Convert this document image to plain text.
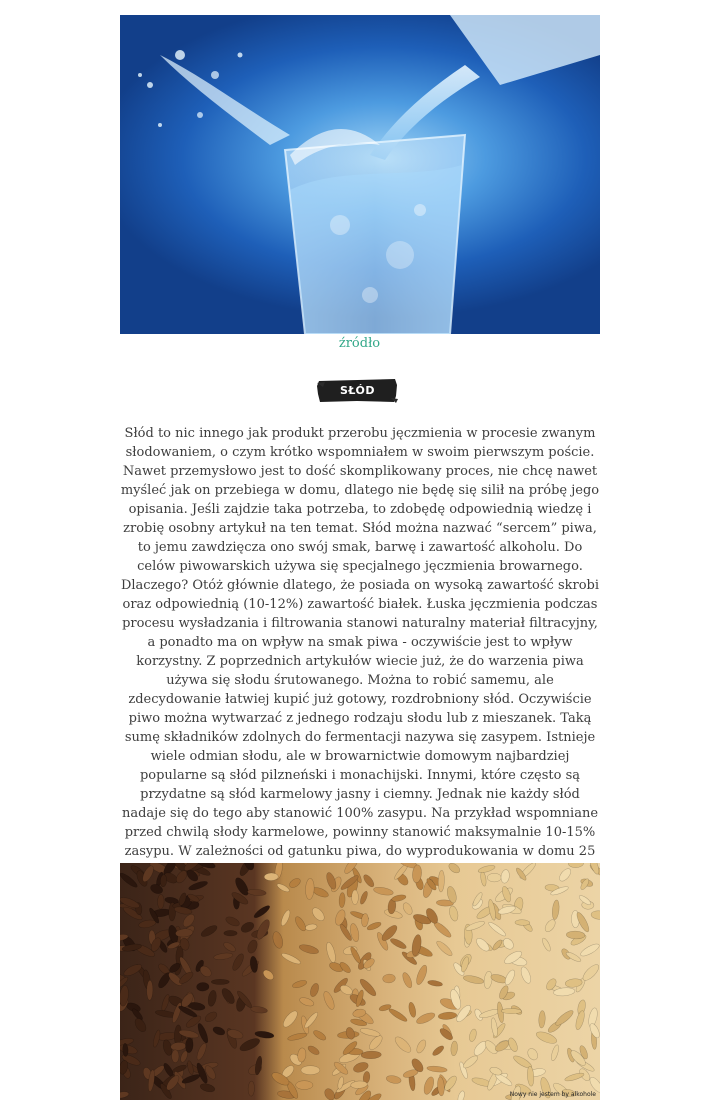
źródło
SŁÓD

Słód to nic innego jak produkt przerobu jęczmienia w procesie zwanym słodowaniem, o czym krótko wspomniałem w swoim pierwszym poście. Nawet przemysłowo jest to dość skomplikowany proces, nie chcę nawet myśleć jak on przebiega w domu, dlatego nie będę się silił na próbę jego opisania. Jeśli zajdzie taka potrzeba, to zdobędę odpowiednią wiedzę i zrobię osobny artykuł na ten temat. Słód można nazwać “sercem” piwa, to jemu zawdzięcza ono swój smak, barwę i zawartość alkoholu. Do celów piwowarskich używa się specjalnego jęczmienia browarnego. Dlaczego? Otóż głównie dlatego, że posiada on wysoką zawartość skrobi oraz odpowiednią (10-12%) zawartość białek. Łuska jęczmienia podczas procesu wysładzania i filtrowania stanowi naturalny materiał filtracyjny, a ponadto ma on wpływ na smak piwa - oczywiście jest to wpływ korzystny. Z poprzednich artykułów wiecie już, że do warzenia piwa używa się słodu śrutowanego. Można to robić samemu, ale zdecydowanie łatwiej kupić już gotowy, rozdrobniony słód. Oczywiście piwo można wytwarzać z jednego rodzaju słodu lub z mieszanek. Taką sumę składników zdolnych do fermentacji nazywa się zasypem. Istnieje wiele odmian słodu, ale w browarnictwie domowym najbardziej popularne są słód pilzneński i monachijski. Innymi, które często są przydatne są słód karmelowy jasny i ciemny. Jednak nie każdy słód nadaje się do tego aby stanowić 100% zasypu. Na przykład wspomniane przed chwilą słody karmelowe, powinny stanowić maksymalnie 10-15% zasypu. W zależności od gatunku piwa, do wyprodukowania w domu 25

Nowy nie jestem by alkohole
